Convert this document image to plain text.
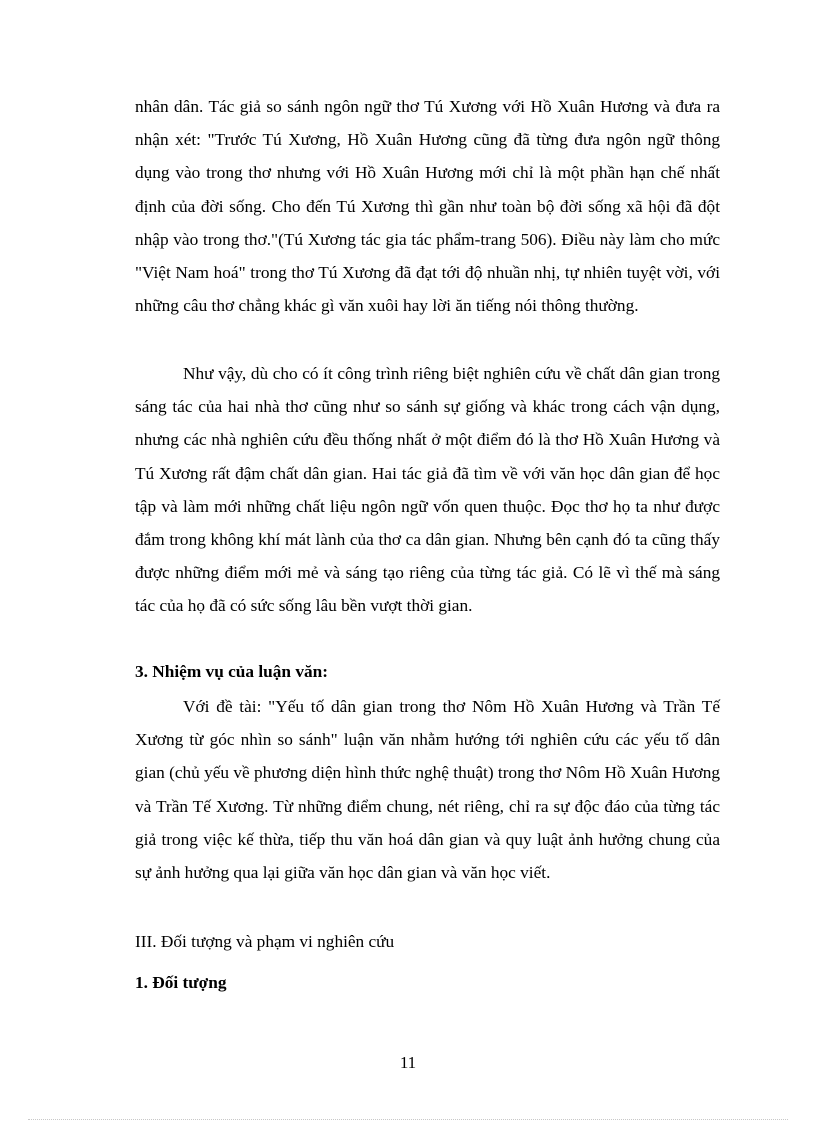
nhân dân. Tác giả so sánh ngôn ngữ thơ Tú Xương với Hồ Xuân Hương và đưa ra nhận xét: "Trước Tú Xương, Hồ Xuân Hương cũng đã từng đưa ngôn ngữ thông dụng vào trong thơ nhưng với Hồ Xuân Hương mới chỉ là một phần hạn chế nhất định của đời sống. Cho đến Tú Xương thì gần như toàn bộ đời sống xã hội đã đột nhập vào trong thơ."(Tú Xương tác gia tác phẩm-trang 506). Điều này làm cho mức "Việt Nam hoá" trong thơ Tú Xương đã đạt tới độ nhuần nhị, tự nhiên tuyệt vời, với những câu thơ chẳng khác gì văn xuôi hay lời ăn tiếng nói thông thường.

Như vậy, dù cho có ít công trình riêng biệt nghiên cứu về chất dân gian trong sáng tác của hai nhà thơ cũng như so sánh sự giống và khác trong cách vận dụng, nhưng các nhà nghiên cứu đều thống nhất ở một điểm đó là thơ Hồ Xuân Hương và Tú Xương rất đậm chất dân gian. Hai tác giả đã tìm về với văn học dân gian để học tập và làm mới những chất liệu ngôn ngữ vốn quen thuộc. Đọc thơ họ ta như được đắm trong không khí mát lành của thơ ca dân gian. Nhưng bên cạnh đó ta cũng thấy được những điểm mới mẻ và sáng tạo riêng của từng tác giả. Có lẽ vì thế mà sáng tác của họ đã có sức sống lâu bền vượt thời gian.

3. Nhiệm vụ của luận văn:

Với đề tài: "Yếu tố dân gian trong thơ Nôm Hồ Xuân Hương và Trần Tế Xương từ góc nhìn so sánh" luận văn nhằm hướng tới nghiên cứu các yếu tố dân gian (chủ yếu về phương diện hình thức nghệ thuật) trong thơ Nôm Hồ Xuân Hương và Trần Tế Xương. Từ những điểm chung, nét riêng, chỉ ra sự độc đáo của từng tác giả trong việc kế thừa, tiếp thu văn hoá dân gian và quy luật ảnh hưởng chung của sự ảnh hưởng qua lại giữa văn học dân gian và văn học viết.

III. Đối tượng và phạm vi nghiên cứu
1. Đối tượng
11
